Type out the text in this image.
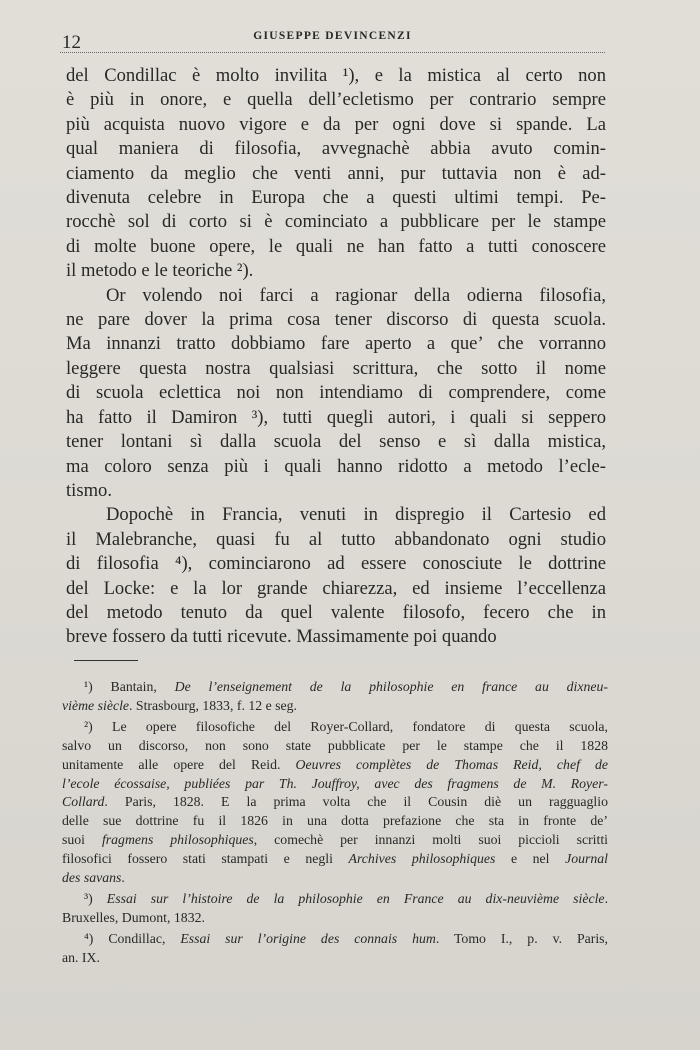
12	GIUSEPPE DEVINCENZI
del Condillac è molto invilita ¹), e la mistica al certo non
è più in onore, e quella dell’ecletismo per contrario sempre
più acquista nuovo vigore e da per ogni dove si spande. La
qual maniera di filosofia, avvegnachè abbia avuto comin-
ciamento da meglio che venti anni, pur tuttavia non è ad-
divenuta celebre in Europa che a questi ultimi tempi. Pe-
rocchè sol di corto si è cominciato a pubblicare per le stampe
di molte buone opere, le quali ne han fatto a tutti conoscere
il metodo e le teoriche ²).
Or volendo noi farci a ragionar della odierna filosofia,
ne pare dover la prima cosa tener discorso di questa scuola.
Ma innanzi tratto dobbiamo fare aperto a que’ che vorranno
leggere questa nostra qualsiasi scrittura, che sotto il nome
di scuola eclettica noi non intendiamo di comprendere, come
ha fatto il Damiron ³), tutti quegli autori, i quali si seppero
tener lontani sì dalla scuola del senso e sì dalla mistica,
ma coloro senza più i quali hanno ridotto a metodo l’ecle-
tismo.
Dopochè in Francia, venuti in dispregio il Cartesio ed
il Malebranche, quasi fu al tutto abbandonato ogni studio
di filosofia ⁴), cominciarono ad essere conosciute le dottrine
del Locke: e la lor grande chiarezza, ed insieme l’eccellenza
del metodo tenuto da quel valente filosofo, fecero che in
breve fossero da tutti ricevute. Massimamente poi quando
¹) Bantain, De l’enseignement de la philosophie en france au dixneu-
vième siècle. Strasbourg, 1833, f. 12 e seg.
²) Le opere filosofiche del Royer-Collard, fondatore di questa scuola,
salvo un discorso, non sono state pubblicate per le stampe che il 1828
unitamente alle opere del Reid. Oeuvres complètes de Thomas Reid, chef de
l’ecole écossaise, publiées par Th. Jouffroy, avec des fragmens de M. Royer-
Collard. Paris, 1828. E la prima volta che il Cousin diè un ragguaglio
delle sue dottrine fu il 1826 in una dotta prefazione che sta in fronte de’
suoi fragmens philosophiques, comechè per innanzi molti suoi piccioli scritti
filosofici fossero stati stampati e negli Archives philosophiques e nel Journal
des savans.
³) Essai sur l’histoire de la philosophie en France au dix-neuvième siècle.
Bruxelles, Dumont, 1832.
⁴) Condillac, Essai sur l’origine des connais hum. Tomo I., p. v. Paris,
an. IX.
